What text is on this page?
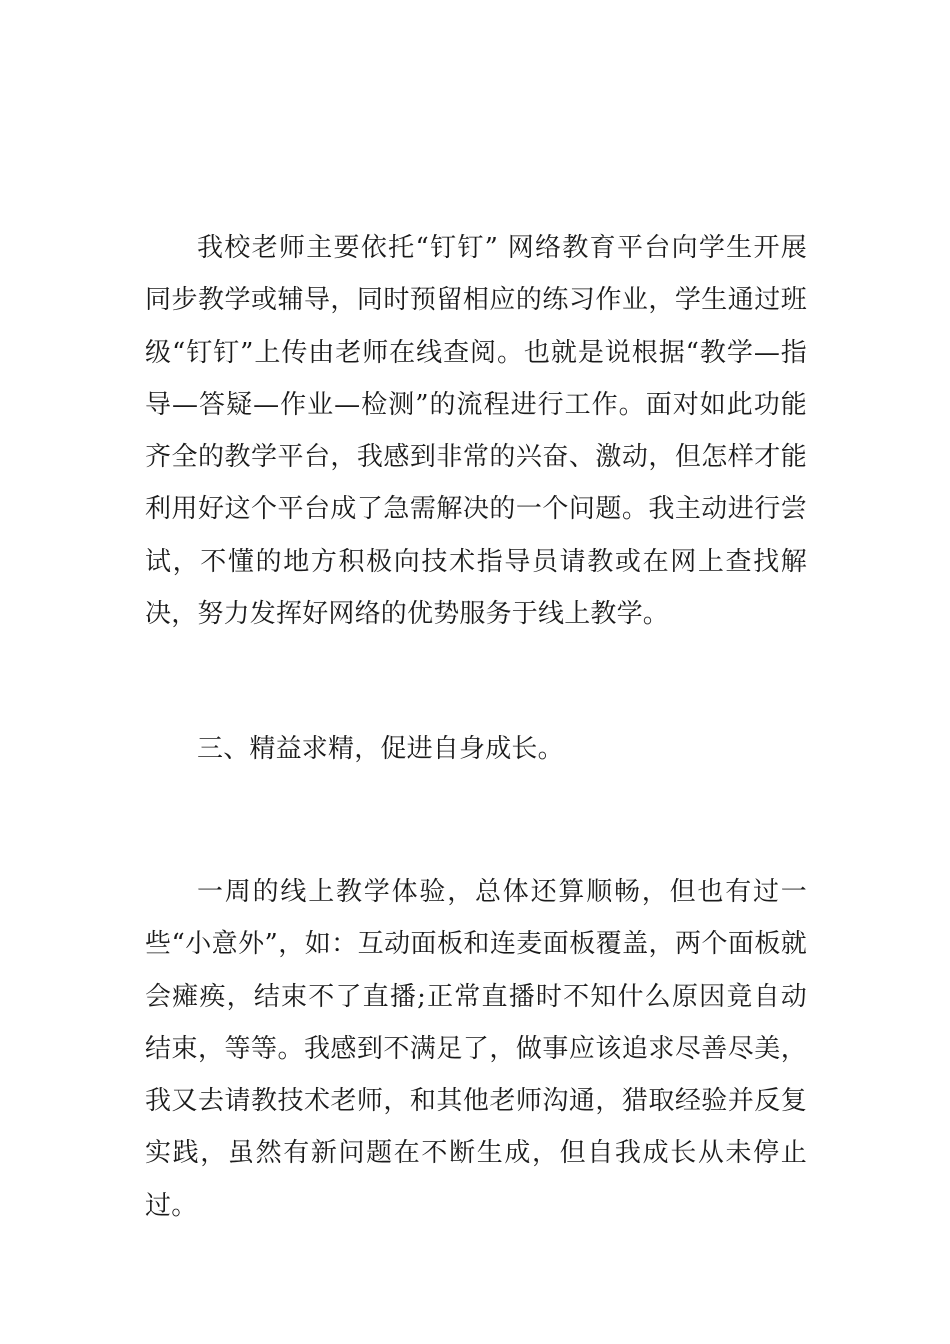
我校老师主要依托“钉钉” 网络教育平台向学生开展同步教学或辅导，同时预留相应的练习作业，学生通过班级“钉钉”上传由老师在线查阅。也就是说根据“教学—指导—答疑—作业—检测”的流程进行工作。面对如此功能齐全的教学平台，我感到非常的兴奋、激动，但怎样才能利用好这个平台成了急需解决的一个问题。我主动进行尝试，不懂的地方积极向技术指导员请教或在网上查找解决，努力发挥好网络的优势服务于线上教学。

三、精益求精，促进自身成长。

一周的线上教学体验，总体还算顺畅，但也有过一些“小意外”，如：互动面板和连麦面板覆盖，两个面板就会瘫痪，结束不了直播;正常直播时不知什么原因竟自动结束，等等。我感到不满足了，做事应该追求尽善尽美，我又去请教技术老师，和其他老师沟通，猎取经验并反复实践，虽然有新问题在不断生成，但自我成长从未停止过。
